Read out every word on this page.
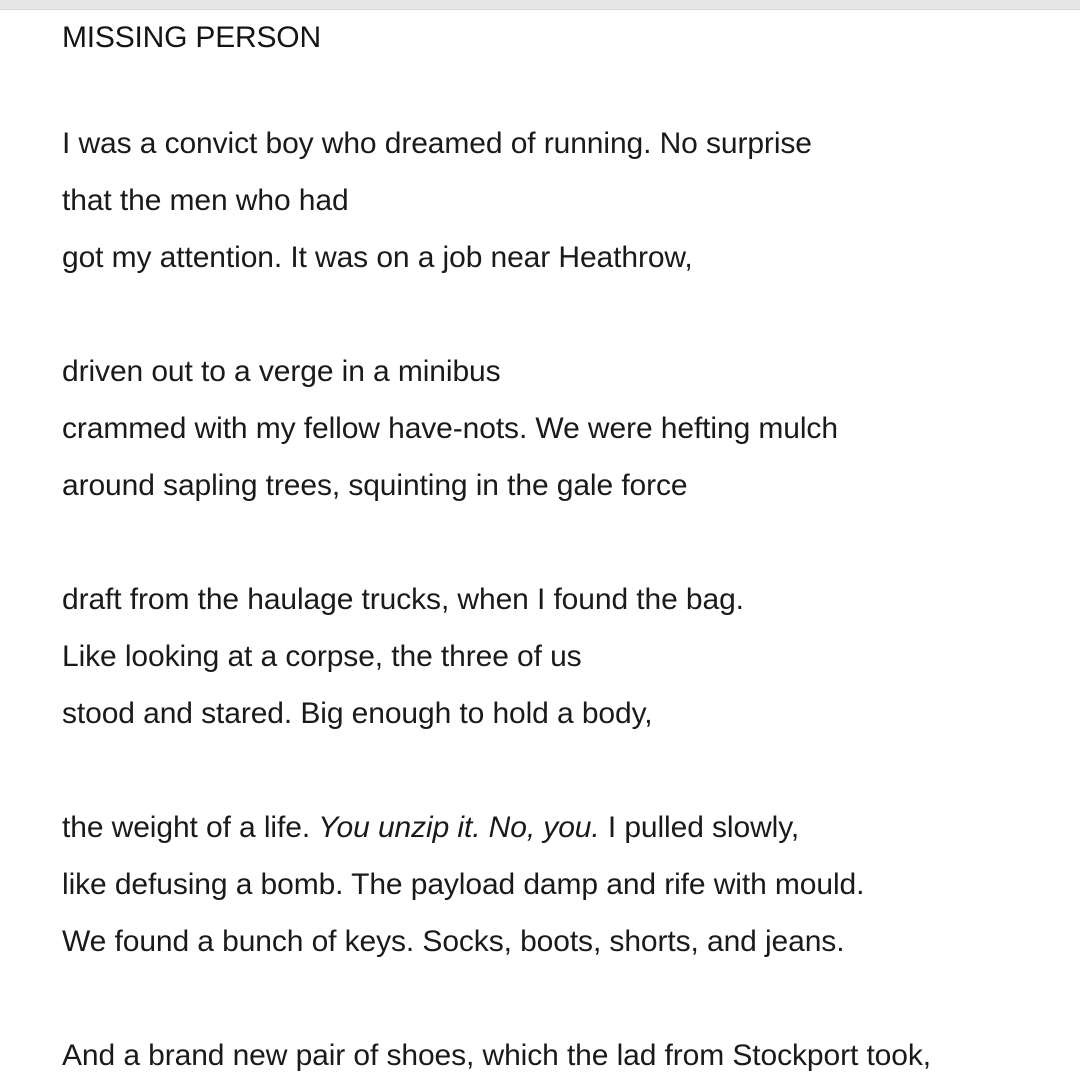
MISSING PERSON

I was a convict boy who dreamed of running. No surprise
that the men who had
got my attention. It was on a job near Heathrow,

driven out to a verge in a minibus
crammed with my fellow have-nots. We were hefting mulch
around sapling trees, squinting in the gale force

draft from the haulage trucks, when I found the bag.
Like looking at a corpse, the three of us
stood and stared. Big enough to hold a body,

the weight of a life. You unzip it. No, you. I pulled slowly,
like defusing a bomb. The payload damp and rife with mould.
We found a bunch of keys. Socks, boots, shorts, and jeans.

And a brand new pair of shoes, which the lad from Stockport took,
